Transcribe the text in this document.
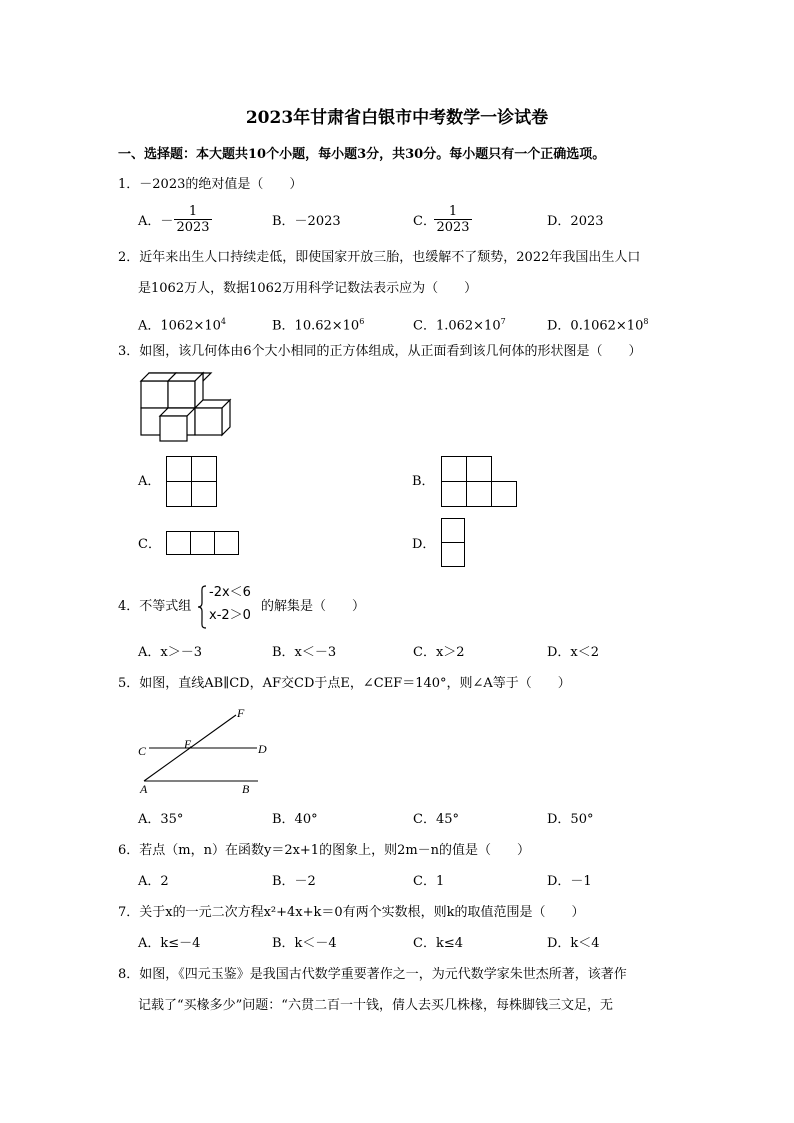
2023年甘肃省白银市中考数学一诊试卷
一、选择题：本大题共10个小题，每小题3分，共30分。每小题只有一个正确选项。
1．－2023的绝对值是（　　）
A．－
1
2023	B．－2023	C．
1
2023	D．2023
2．近年来出生人口持续走低，即使国家开放三胎，也缓解不了颓势，2022年我国出生人口
是1062万人，数据1062万用科学记数法表示应为（　　）
A．$1062\times 10^4$	B．$10.62\times 10^6$	C．$1.062\times 10^7$	D．$0.1062\times 10^8$
3．如图，该几何体由6个大小相同的正方体组成，从正面看到该几何体的形状图是（　　）
A．	B．
C．	D．
4．不等式组
-2x＜6
x-2＞0
的解集是（　　）
A．x＞－3	B．x＜－3	C．x＞2	D．x＜2
5．如图，直线AB∥CD，AF交CD于点E，∠CEF＝140°，则∠A等于（　　）
F
E
C	D
A	B
A．35°	B．40°	C．45°	D．50°
6．若点（m，n）在函数y＝2x+1的图象上，则2m－n的值是（　　）
A．2	B．－2	C．1	D．－1
7．关于x的一元二次方程x²+4x+k＝0有两个实数根，则k的取值范围是（　　）
A．k≤－4	B．k＜－4	C．k≤4	D．k＜4
8．如图，《四元玉鉴》是我国古代数学重要著作之一，为元代数学家朱世杰所著，该著作
记载了“买椽多少”问题：“六贯二百一十钱，倩人去买几株椽，每株脚钱三文足，无
